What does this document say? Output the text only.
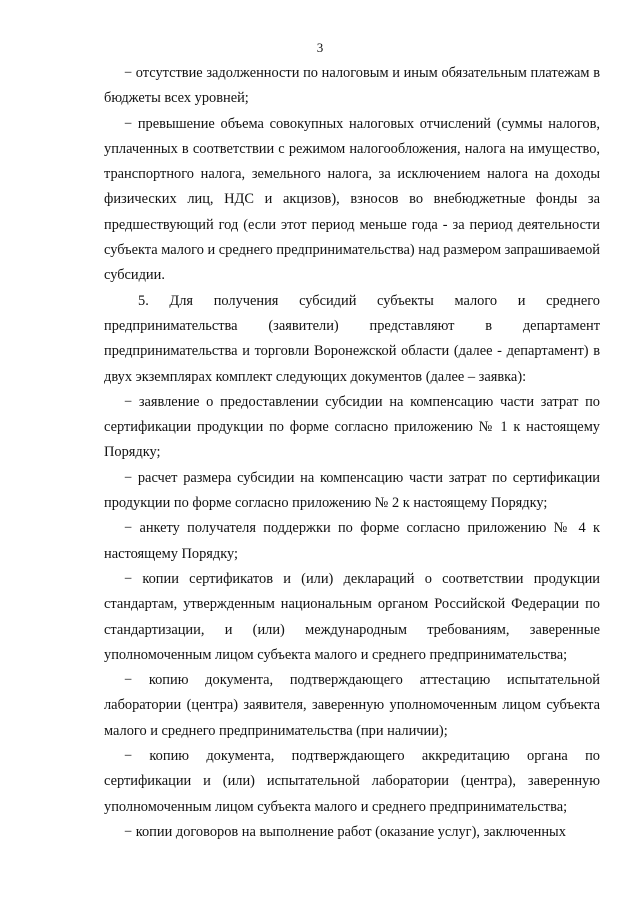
3

− отсутствие задолженности по налоговым и иным обязательным платежам в бюджеты всех уровней;

− превышение объема совокупных налоговых отчислений (суммы налогов, уплаченных в соответствии с режимом налогообложения, налога на имущество, транспортного налога, земельного налога, за исключением налога на доходы физических лиц, НДС и акцизов), взносов во внебюджетные фонды за предшествующий год (если этот период меньше года - за период деятельности субъекта малого и среднего предпринимательства) над размером запрашиваемой субсидии.

5. Для получения субсидий субъекты малого и среднего предпринимательства (заявители) представляют в департамент предпринимательства и торговли Воронежской области (далее - департамент) в двух экземплярах комплект следующих документов (далее – заявка):

− заявление о предоставлении субсидии на компенсацию части затрат по сертификации продукции по форме согласно приложению № 1 к настоящему Порядку;

− расчет размера субсидии на компенсацию части затрат по сертификации продукции по форме согласно приложению № 2 к настоящему Порядку;

− анкету получателя поддержки по форме согласно приложению № 4 к настоящему Порядку;

− копии сертификатов и (или) деклараций о соответствии продукции стандартам, утвержденным национальным органом Российской Федерации по стандартизации, и (или) международным требованиям, заверенные уполномоченным лицом субъекта малого и среднего предпринимательства;

− копию документа, подтверждающего аттестацию испытательной лаборатории (центра) заявителя, заверенную уполномоченным лицом субъекта малого и среднего предпринимательства (при наличии);

− копию документа, подтверждающего аккредитацию органа по сертификации и (или) испытательной лаборатории (центра), заверенную уполномоченным лицом субъекта малого и среднего предпринимательства;

− копии договоров на выполнение работ (оказание услуг), заключенных
